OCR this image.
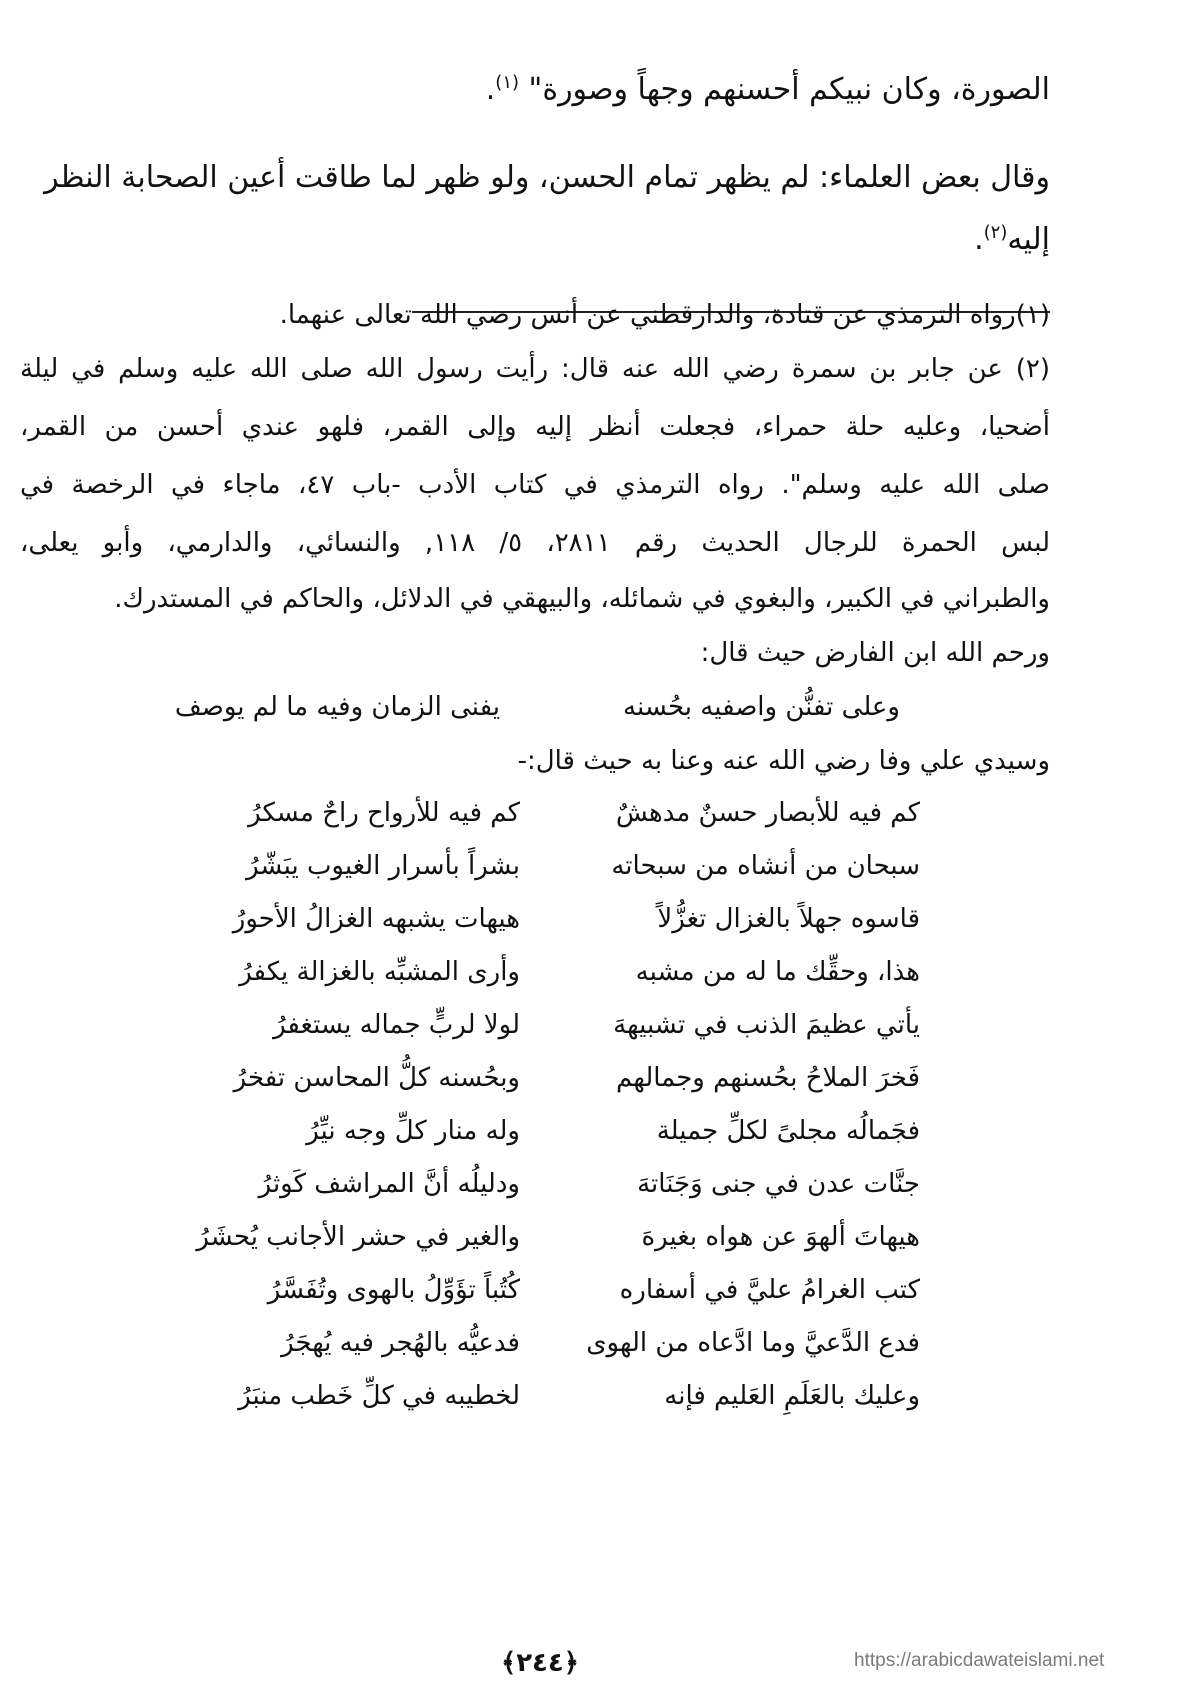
الصورة، وكان نبيكم أحسنهم وجهاً وصورة" $^{(١)}$.
وقال بعض العلماء: لم يظهر تمام الحسن، ولو ظهر لما طاقت أعين الصحابة النظر
إليه$^{(٢)}$.
(١)رواه الترمذي عن قتادة، والدارقطني عن أنس رضي الله تعالى عنهما.
(٢) عن جابر بن سمرة رضي الله عنه قال: رأيت رسول الله صلى الله عليه وسلم في ليلة
أضحيا، وعليه حلة حمراء، فجعلت أنظر إليه وإلى القمر، فلهو عندي أحسن من القمر،
صلى الله عليه وسلم". رواه الترمذي في كتاب الأدب -باب ٤٧، ماجاء في الرخصة في
لبس الحمرة للرجال الحديث رقم ٢٨١١، ٥/ ١١٨, والنسائي، والدارمي، وأبو يعلى،
والطبراني في الكبير، والبغوي في شمائله، والبيهقي في الدلائل، والحاكم في المستدرك.
ورحم الله ابن الفارض حيث قال:
وعلى تفنُّن واصفيه بحُسنه
يفنى الزمان وفيه ما لم يوصف
وسيدي علي وفا رضي الله عنه وعنا به حيث قال:-
كم فيه للأبصار حسنٌ مدهشٌ
كم فيه للأرواح راحٌ مسكرُ
سبحان من أنشاه من سبحاته
بشراً بأسرار الغيوب يبَشّرُ
قاسوه جهلاً بالغزال تغزُّلاً
هيهات يشبهه الغزالُ الأحورُ
هذا، وحقِّك ما له من مشبه
وأرى المشبِّه بالغزالة يكفرُ
يأتي عظيمَ الذنب في تشبيههَ
لولا لربٍّ جماله يستغفرُ
فَخرَ الملاحُ بحُسنهم وجمالهم
وبحُسنه كلُّ المحاسن تفخرُ
فجَمالُه مجلىً لكلِّ جميلة
وله منار كلِّ وجه نيِّرُ
جنَّات عدن في جنى وَجَنَاتهَ
ودليلُه أنَّ المراشف كَوثرُ
هيهاتَ ألهوَ عن هواه بغيرهَ
والغير في حشر الأجانب يُحشَرُ
كتب الغرامُ عليَّ في أسفاره
كُتُباً تؤَوِّلُ بالهوى وتُفَسَّرُ
فدع الدَّعيَّ وما ادَّعاه من الهوى
فدعيُّه بالهُجر فيه يُهجَرُ
وعليك بالعَلَمِ العَليم فإنه
لخطيبه في كلِّ خَطب منبَرُ
﴿٢٤٤﴾	https://arabicdawateislami.net
